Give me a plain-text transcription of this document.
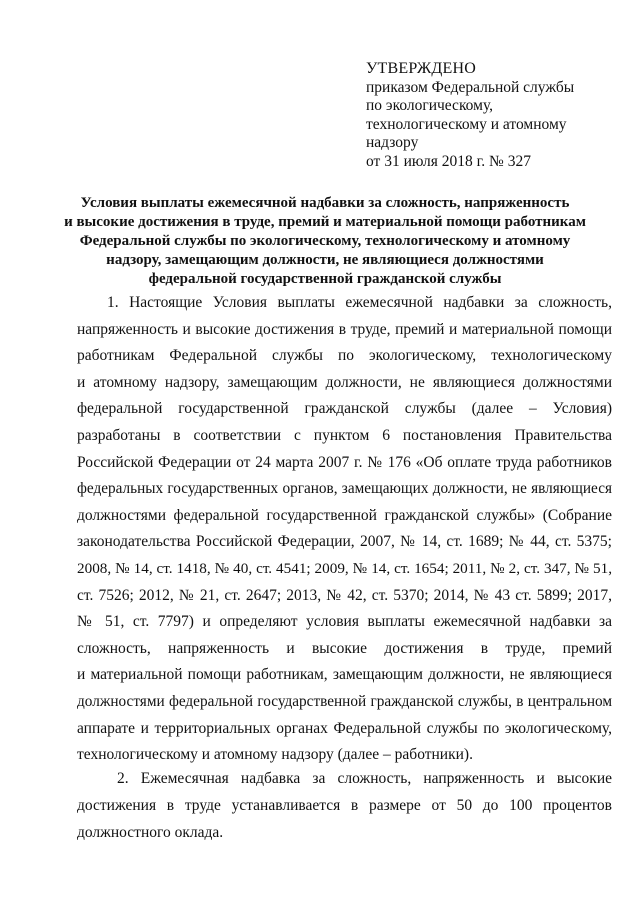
УТВЕРЖДЕНО
приказом Федеральной службы
по экологическому,
технологическому и атомному
надзору
от 31 июля 2018 г. № 327
Условия выплаты ежемесячной надбавки за сложность, напряженность
и высокие достижения в труде, премий и материальной помощи работникам
Федеральной службы по экологическому, технологическому и атомному
надзору, замещающим должности, не являющиеся должностями
федеральной государственной гражданской службы
1. Настоящие Условия выплаты ежемесячной надбавки за сложность,
напряженность и высокие достижения в труде, премий и материальной помощи
работникам Федеральной службы по экологическому, технологическому
и атомному надзору, замещающим должности, не являющиеся должностями
федеральной государственной гражданской службы (далее – Условия)
разработаны в соответствии с пунктом 6 постановления Правительства
Российской Федерации от 24 марта 2007 г. № 176 «Об оплате труда работников
федеральных государственных органов, замещающих должности, не являющиеся
должностями федеральной государственной гражданской службы» (Собрание
законодательства Российской Федерации, 2007, № 14, ст. 1689; № 44, ст. 5375;
2008, № 14, ст. 1418, № 40, ст. 4541; 2009, № 14, ст. 1654; 2011, № 2, ст. 347, № 51,
ст. 7526; 2012, № 21, ст. 2647; 2013, № 42, ст. 5370; 2014, № 43 ст. 5899; 2017,
№ 51, ст. 7797) и определяют условия выплаты ежемесячной надбавки за
сложность, напряженность и высокие достижения в труде, премий
и материальной помощи работникам, замещающим должности, не являющиеся
должностями федеральной государственной гражданской службы, в центральном
аппарате и территориальных органах Федеральной службы по экологическому,
технологическому и атомному надзору (далее – работники).
2. Ежемесячная надбавка за сложность, напряженность и высокие
достижения в труде устанавливается в размере от 50 до 100 процентов
должностного оклада.
